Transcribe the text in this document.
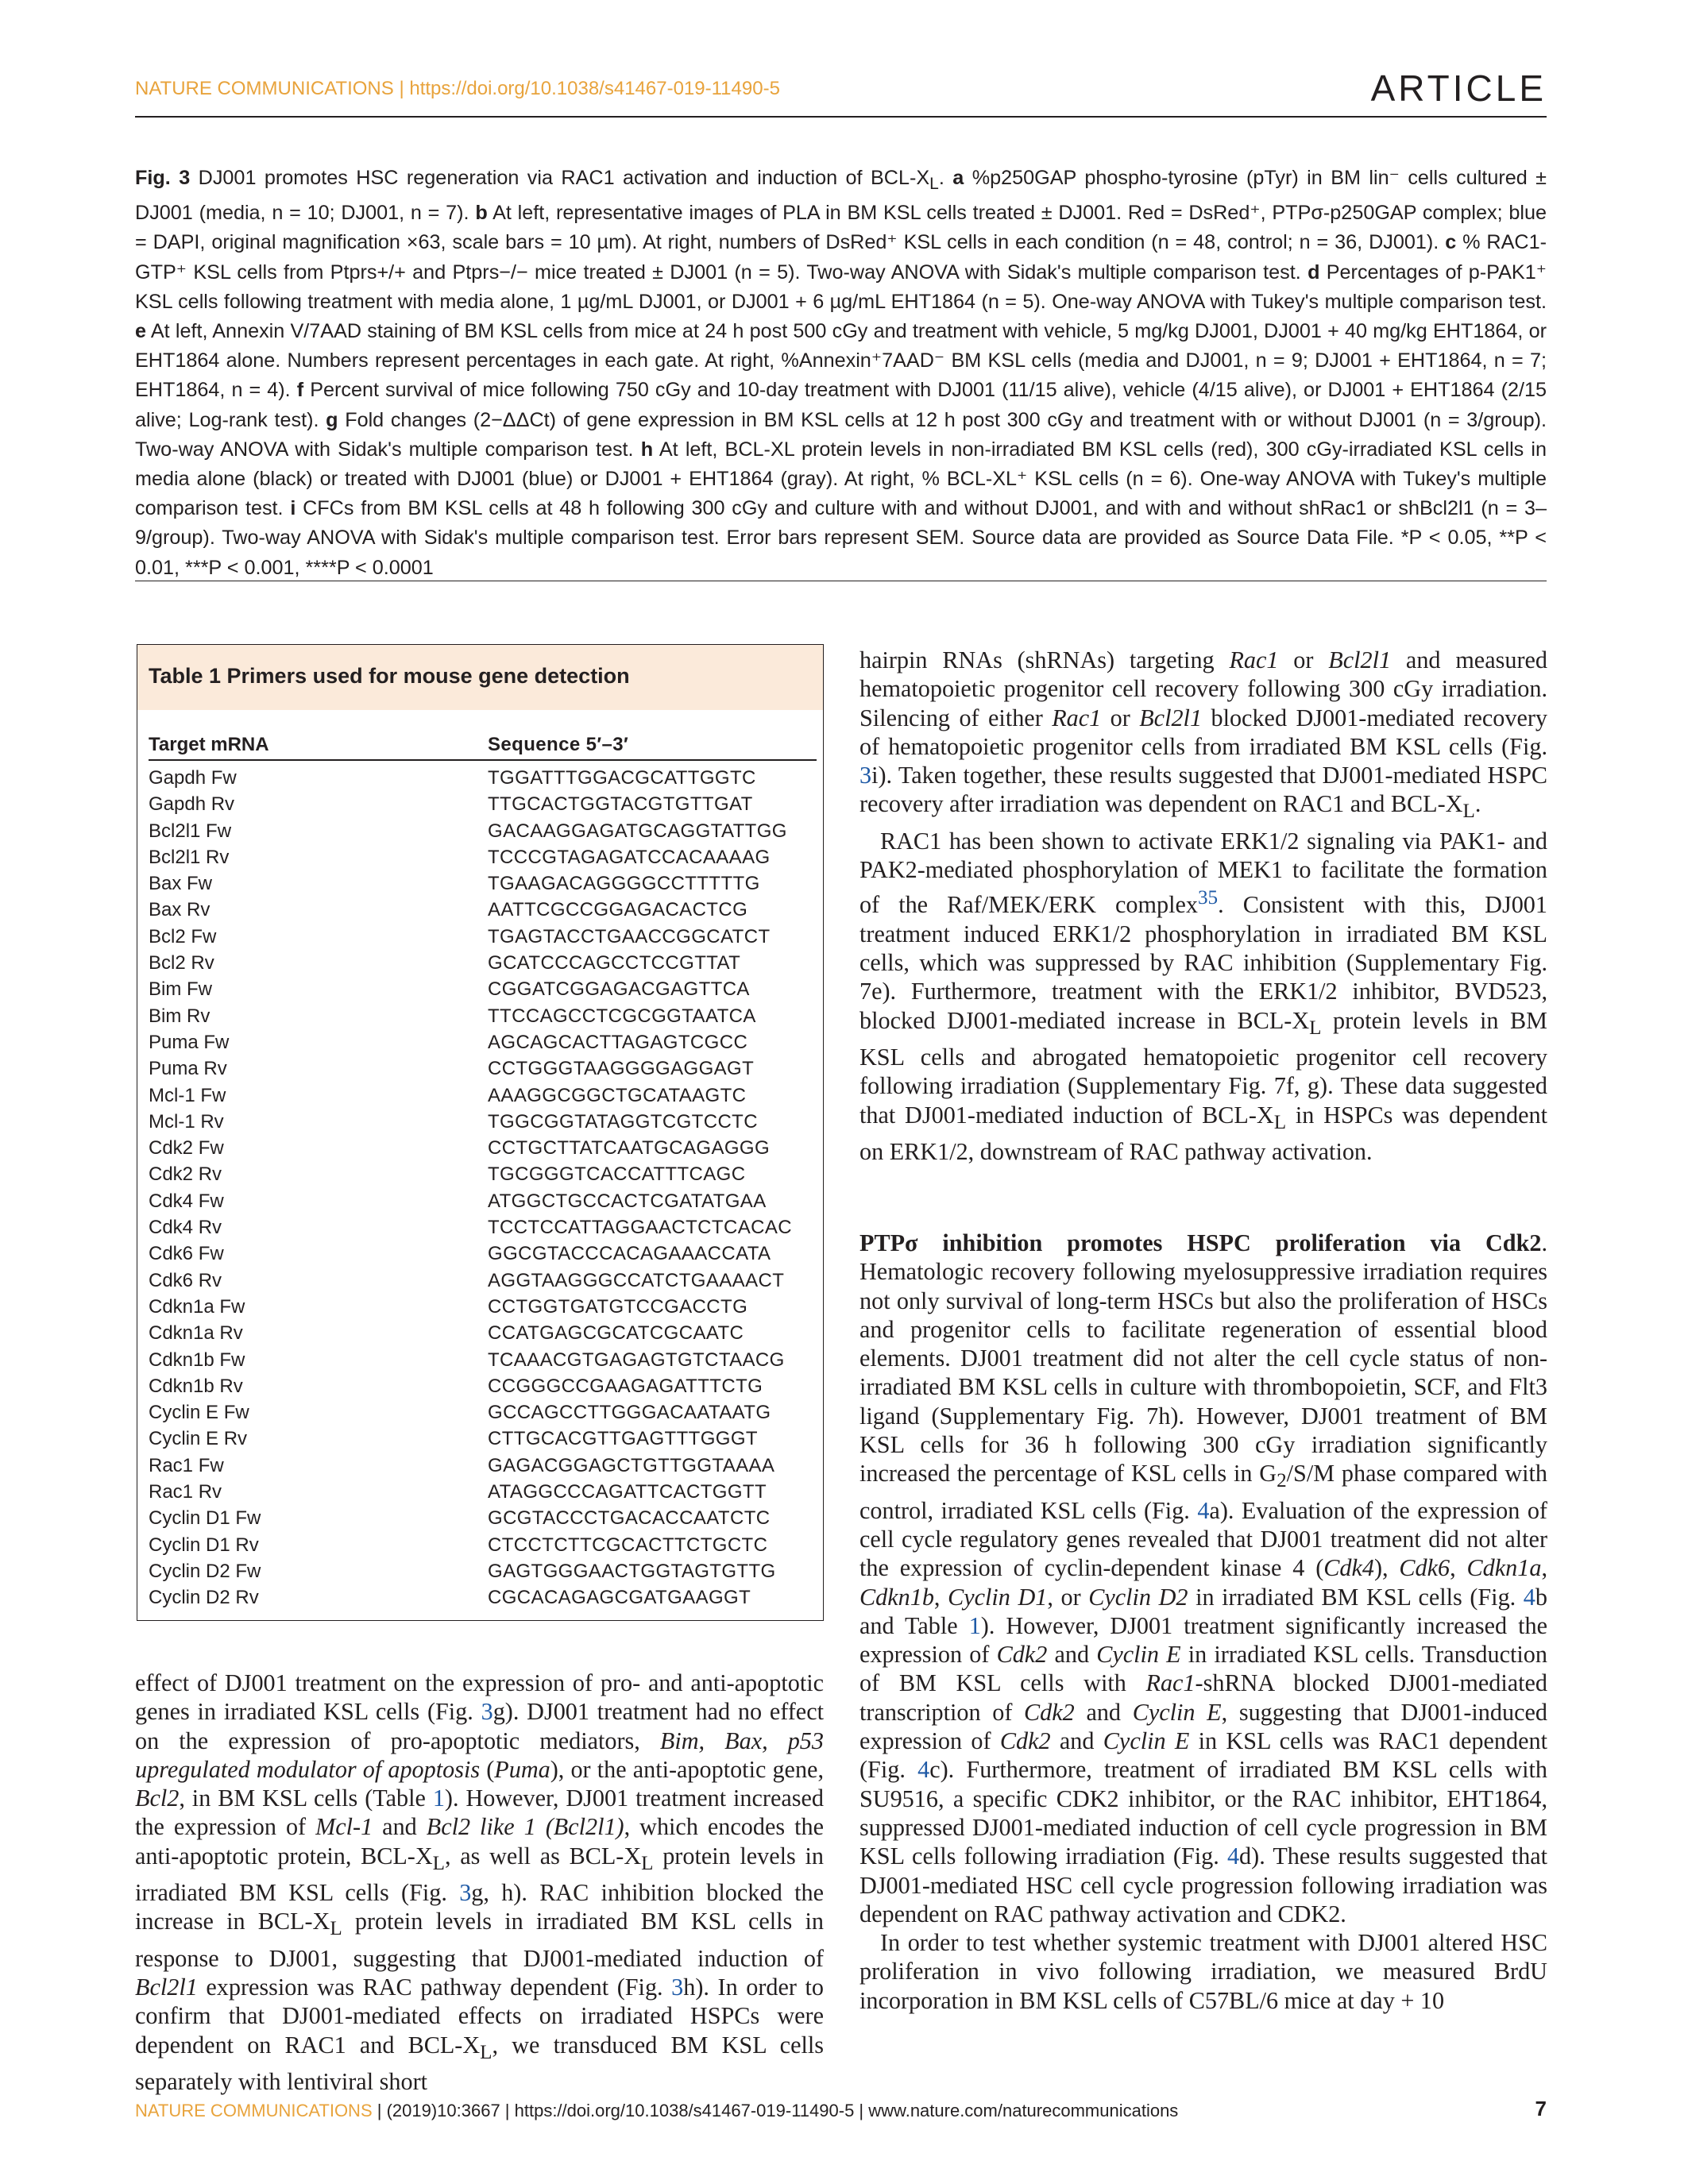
NATURE COMMUNICATIONS | https://doi.org/10.1038/s41467-019-11490-5	ARTICLE
Fig. 3 DJ001 promotes HSC regeneration via RAC1 activation and induction of BCL-$X_L$. a %p250GAP phospho-tyrosine (pTyr) in BM lin⁻ cells cultured ± DJ001 (media, n = 10; DJ001, n = 7). b At left, representative images of PLA in BM KSL cells treated ± DJ001. Red = DsRed⁺, PTPσ-p250GAP complex; blue = DAPI, original magnification ×63, scale bars = 10 µm). At right, numbers of DsRed⁺ KSL cells in each condition (n = 48, control; n = 36, DJ001). c % RAC1-GTP⁺ KSL cells from Ptprs+/+ and Ptprs−/− mice treated ± DJ001 (n = 5). Two-way ANOVA with Sidak's multiple comparison test. d Percentages of p-PAK1⁺ KSL cells following treatment with media alone, 1 µg/mL DJ001, or DJ001 + 6 µg/mL EHT1864 (n = 5). One-way ANOVA with Tukey's multiple comparison test. e At left, Annexin V/7AAD staining of BM KSL cells from mice at 24 h post 500 cGy and treatment with vehicle, 5 mg/kg DJ001, DJ001 + 40 mg/kg EHT1864, or EHT1864 alone. Numbers represent percentages in each gate. At right, %Annexin⁺7AAD⁻ BM KSL cells (media and DJ001, n = 9; DJ001 + EHT1864, n = 7; EHT1864, n = 4). f Percent survival of mice following 750 cGy and 10-day treatment with DJ001 (11/15 alive), vehicle (4/15 alive), or DJ001 + EHT1864 (2/15 alive; Log-rank test). g Fold changes (2−ΔΔCt) of gene expression in BM KSL cells at 12 h post 300 cGy and treatment with or without DJ001 (n = 3/group). Two-way ANOVA with Sidak's multiple comparison test. h At left, BCL-XL protein levels in non-irradiated BM KSL cells (red), 300 cGy-irradiated KSL cells in media alone (black) or treated with DJ001 (blue) or DJ001 + EHT1864 (gray). At right, % BCL-XL⁺ KSL cells (n = 6). One-way ANOVA with Tukey's multiple comparison test. i CFCs from BM KSL cells at 48 h following 300 cGy and culture with and without DJ001, and with and without shRac1 or shBcl2l1 (n = 3–9/group). Two-way ANOVA with Sidak's multiple comparison test. Error bars represent SEM. Source data are provided as Source Data File. *P < 0.05, **P < 0.01, ***P < 0.001, ****P < 0.0001
Table 1 Primers used for mouse gene detection
Target mRNA	Sequence 5′–3′
Gapdh Fw	TGGATTTGGACGCATTGGTC
Gapdh Rv	TTGCACTGGTACGTGTTGAT
Bcl2l1 Fw	GACAAGGAGATGCAGGTATTGG
Bcl2l1 Rv	TCCCGTAGAGATCCACAAAAG
Bax Fw	TGAAGACAGGGGCCTTTTTG
Bax Rv	AATTCGCCGGAGACACTCG
Bcl2 Fw	TGAGTACCTGAACCGGCATCT
Bcl2 Rv	GCATCCCAGCCTCCGTTAT
Bim Fw	CGGATCGGAGACGAGTTCA
Bim Rv	TTCCAGCCTCGCGGTAATCA
Puma Fw	AGCAGCACTTAGAGTCGCC
Puma Rv	CCTGGGTAAGGGGAGGAGT
Mcl-1 Fw	AAAGGCGGCTGCATAAGTC
Mcl-1 Rv	TGGCGGTATAGGTCGTCCTC
Cdk2 Fw	CCTGCTTATCAATGCAGAGGG
Cdk2 Rv	TGCGGGTCACCATTTCAGC
Cdk4 Fw	ATGGCTGCCACTCGATATGAA
Cdk4 Rv	TCCTCCATTAGGAACTCTCACAC
Cdk6 Fw	GGCGTACCCACAGAAACCATA
Cdk6 Rv	AGGTAAGGGCCATCTGAAAACT
Cdkn1a Fw	CCTGGTGATGTCCGACCTG
Cdkn1a Rv	CCATGAGCGCATCGCAATC
Cdkn1b Fw	TCAAACGTGAGAGTGTCTAACG
Cdkn1b Rv	CCGGGCCGAAGAGATTTCTG
Cyclin E Fw	GCCAGCCTTGGGACAATAATG
Cyclin E Rv	CTTGCACGTTGAGTTTGGGT
Rac1 Fw	GAGACGGAGCTGTTGGTAAAA
Rac1 Rv	ATAGGCCCAGATTCACTGGTT
Cyclin D1 Fw	GCGTACCCTGACACCAATCTC
Cyclin D1 Rv	CTCCTCTTCGCACTTCTGCTC
Cyclin D2 Fw	GAGTGGGAACTGGTAGTGTTG
Cyclin D2 Rv	CGCACAGAGCGATGAAGGT

effect of DJ001 treatment on the expression of pro- and anti-apoptotic genes in irradiated KSL cells (Fig. 3g). DJ001 treatment had no effect on the expression of pro-apoptotic mediators, Bim, Bax, p53 upregulated modulator of apoptosis (Puma), or the anti-apoptotic gene, Bcl2, in BM KSL cells (Table 1). However, DJ001 treatment increased the expression of Mcl-1 and Bcl2 like 1 (Bcl2l1), which encodes the anti-apoptotic protein, BCL-$X_L$, as well as BCL-$X_L$ protein levels in irradiated BM KSL cells (Fig. 3g, h). RAC inhibition blocked the increase in BCL-$X_L$ protein levels in irradiated BM KSL cells in response to DJ001, suggesting that DJ001-mediated induction of Bcl2l1 expression was RAC pathway dependent (Fig. 3h). In order to confirm that DJ001-mediated effects on irradiated HSPCs were dependent on RAC1 and BCL-$X_L$, we transduced BM KSL cells separately with lentiviral short

hairpin RNAs (shRNAs) targeting Rac1 or Bcl2l1 and measured hematopoietic progenitor cell recovery following 300 cGy irradiation. Silencing of either Rac1 or Bcl2l1 blocked DJ001-mediated recovery of hematopoietic progenitor cells from irradiated BM KSL cells (Fig. 3i). Taken together, these results suggested that DJ001-mediated HSPC recovery after irradiation was dependent on RAC1 and BCL-$X_L$.

RAC1 has been shown to activate ERK1/2 signaling via PAK1- and PAK2-mediated phosphorylation of MEK1 to facilitate the formation of the Raf/MEK/ERK complex$^{35}$. Consistent with this, DJ001 treatment induced ERK1/2 phosphorylation in irradiated BM KSL cells, which was suppressed by RAC inhibition (Supplementary Fig. 7e). Furthermore, treatment with the ERK1/2 inhibitor, BVD523, blocked DJ001-mediated increase in BCL-$X_L$ protein levels in BM KSL cells and abrogated hematopoietic progenitor cell recovery following irradiation (Supplementary Fig. 7f, g). These data suggested that DJ001-mediated induction of BCL-$X_L$ in HSPCs was dependent on ERK1/2, downstream of RAC pathway activation.

PTPσ inhibition promotes HSPC proliferation via Cdk2. Hematologic recovery following myelosuppressive irradiation requires not only survival of long-term HSCs but also the proliferation of HSCs and progenitor cells to facilitate regeneration of essential blood elements. DJ001 treatment did not alter the cell cycle status of non-irradiated BM KSL cells in culture with thrombopoietin, SCF, and Flt3 ligand (Supplementary Fig. 7h). However, DJ001 treatment of BM KSL cells for 36 h following 300 cGy irradiation significantly increased the percentage of KSL cells in $G_2/S/M$ phase compared with control, irradiated KSL cells (Fig. 4a). Evaluation of the expression of cell cycle regulatory genes revealed that DJ001 treatment did not alter the expression of cyclin-dependent kinase 4 (Cdk4), Cdk6, Cdkn1a, Cdkn1b, Cyclin D1, or Cyclin D2 in irradiated BM KSL cells (Fig. 4b and Table 1). However, DJ001 treatment significantly increased the expression of Cdk2 and Cyclin E in irradiated KSL cells. Transduction of BM KSL cells with Rac1-shRNA blocked DJ001-mediated transcription of Cdk2 and Cyclin E, suggesting that DJ001-induced expression of Cdk2 and Cyclin E in KSL cells was RAC1 dependent (Fig. 4c). Furthermore, treatment of irradiated BM KSL cells with SU9516, a specific CDK2 inhibitor, or the RAC inhibitor, EHT1864, suppressed DJ001-mediated induction of cell cycle progression in BM KSL cells following irradiation (Fig. 4d). These results suggested that DJ001-mediated HSC cell cycle progression following irradiation was dependent on RAC pathway activation and CDK2.

In order to test whether systemic treatment with DJ001 altered HSC proliferation in vivo following irradiation, we measured BrdU incorporation in BM KSL cells of C57BL/6 mice at day + 10

NATURE COMMUNICATIONS | (2019)10:3667 | https://doi.org/10.1038/s41467-019-11490-5 | www.nature.com/naturecommunications	7
